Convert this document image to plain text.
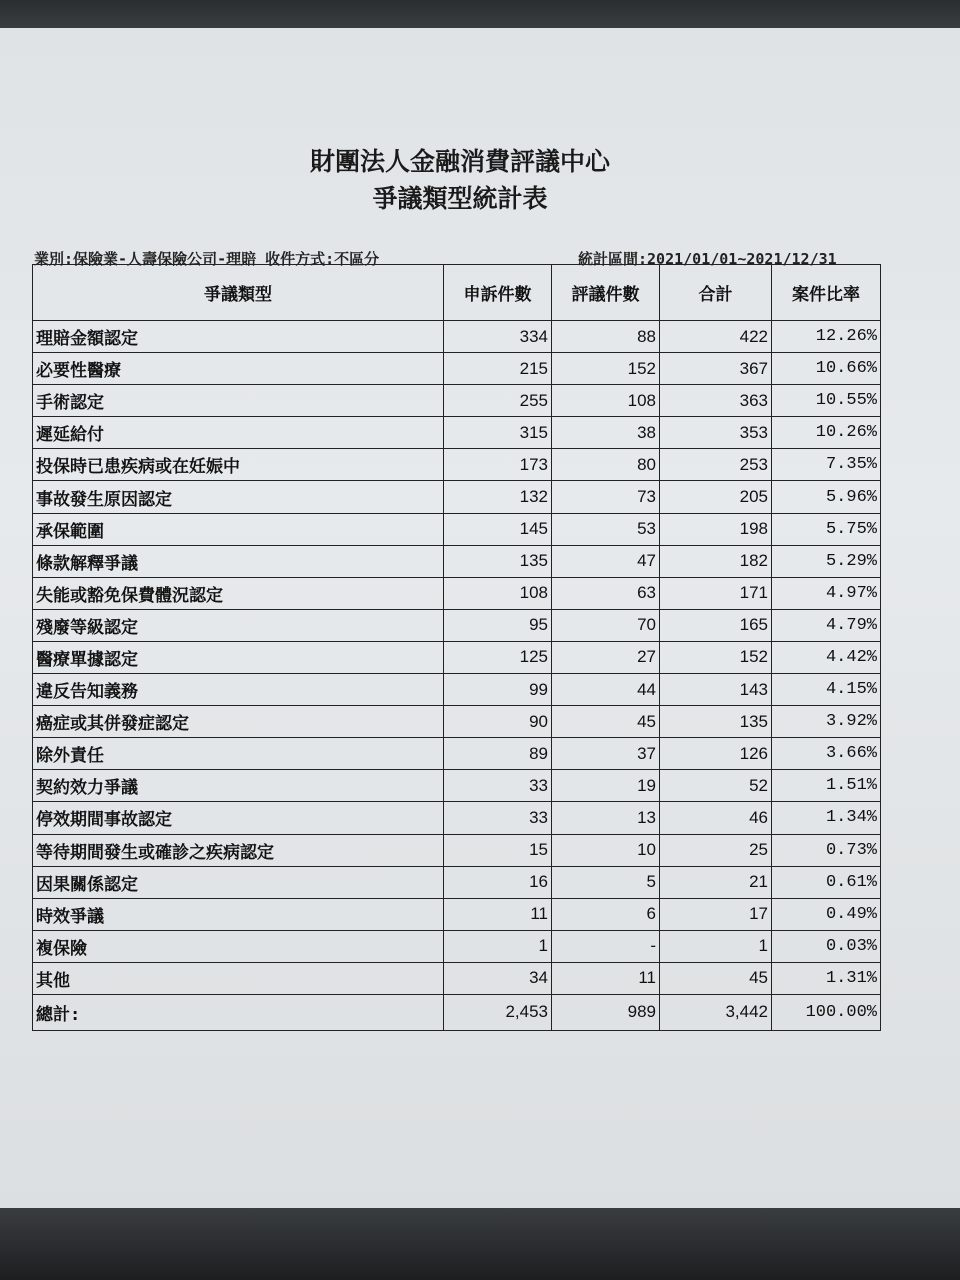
財團法人金融消費評議中心
爭議類型統計表
業別:保險業-人壽保險公司-理賠 收件方式:不區分	統計區間:2021/01/01~2021/12/31
爭議類型	申訴件數	評議件數	合計	案件比率
理賠金額認定	334	88	422	12.26%
必要性醫療	215	152	367	10.66%
手術認定	255	108	363	10.55%
遲延給付	315	38	353	10.26%
投保時已患疾病或在妊娠中	173	80	253	7.35%
事故發生原因認定	132	73	205	5.96%
承保範圍	145	53	198	5.75%
條款解釋爭議	135	47	182	5.29%
失能或豁免保費體況認定	108	63	171	4.97%
殘廢等級認定	95	70	165	4.79%
醫療單據認定	125	27	152	4.42%
違反告知義務	99	44	143	4.15%
癌症或其併發症認定	90	45	135	3.92%
除外責任	89	37	126	3.66%
契約效力爭議	33	19	52	1.51%
停效期間事故認定	33	13	46	1.34%
等待期間發生或確診之疾病認定	15	10	25	0.73%
因果關係認定	16	5	21	0.61%
時效爭議	11	6	17	0.49%
複保險	1	-	1	0.03%
其他	34	11	45	1.31%
總計:	2,453	989	3,442	100.00%
